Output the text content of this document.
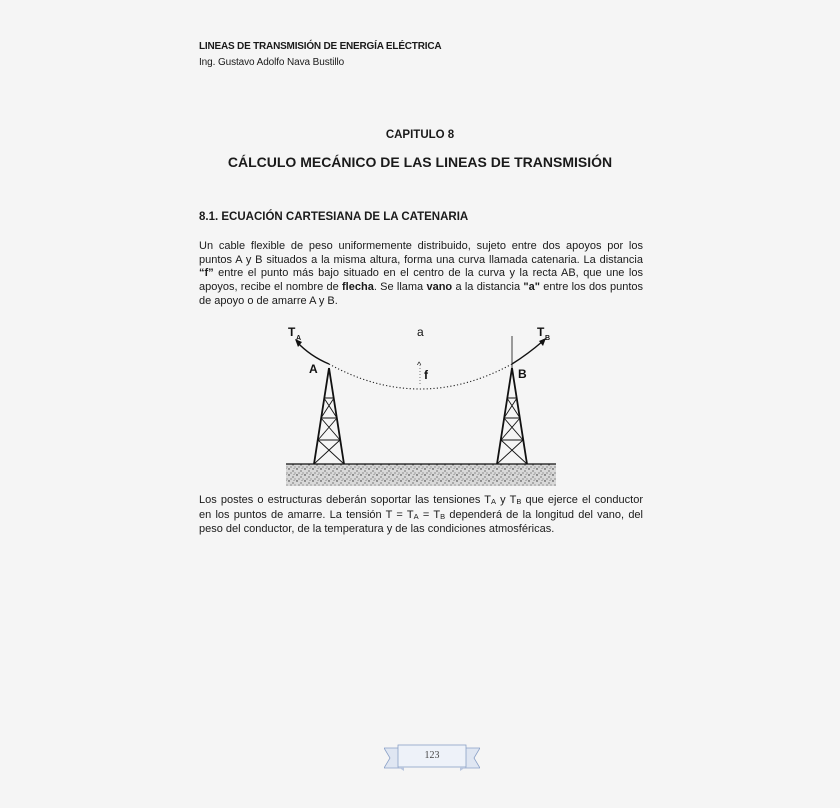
LINEAS DE TRANSMISIÓN DE ENERGÍA ELÉCTRICA
Ing. Gustavo Adolfo Nava Bustillo
CAPITULO 8
CÁLCULO MECÁNICO DE LAS LINEAS DE TRANSMISIÓN
8.1. ECUACIÓN CARTESIANA DE LA CATENARIA
Un cable flexible de peso uniformemente distribuido, sujeto entre dos apoyos por los puntos A y B situados a la misma altura, forma una curva llamada catenaria. La distancia “f” entre el punto más bajo situado en el centro de la curva y la recta AB, que une los apoyos, recibe el nombre de flecha. Se llama vano a la distancia "a" entre los dos puntos de apoyo o de amarre A y B.
^
T A	T B
a
f
A	B
Los postes o estructuras deberán soportar las tensiones $T_A$ y $T_B$ que ejerce el conductor en los puntos de amarre. La tensión $T = T_A = T_B$ dependerá de la longitud del vano, del peso del conductor, de la temperatura y de las condiciones atmosféricas.
123
